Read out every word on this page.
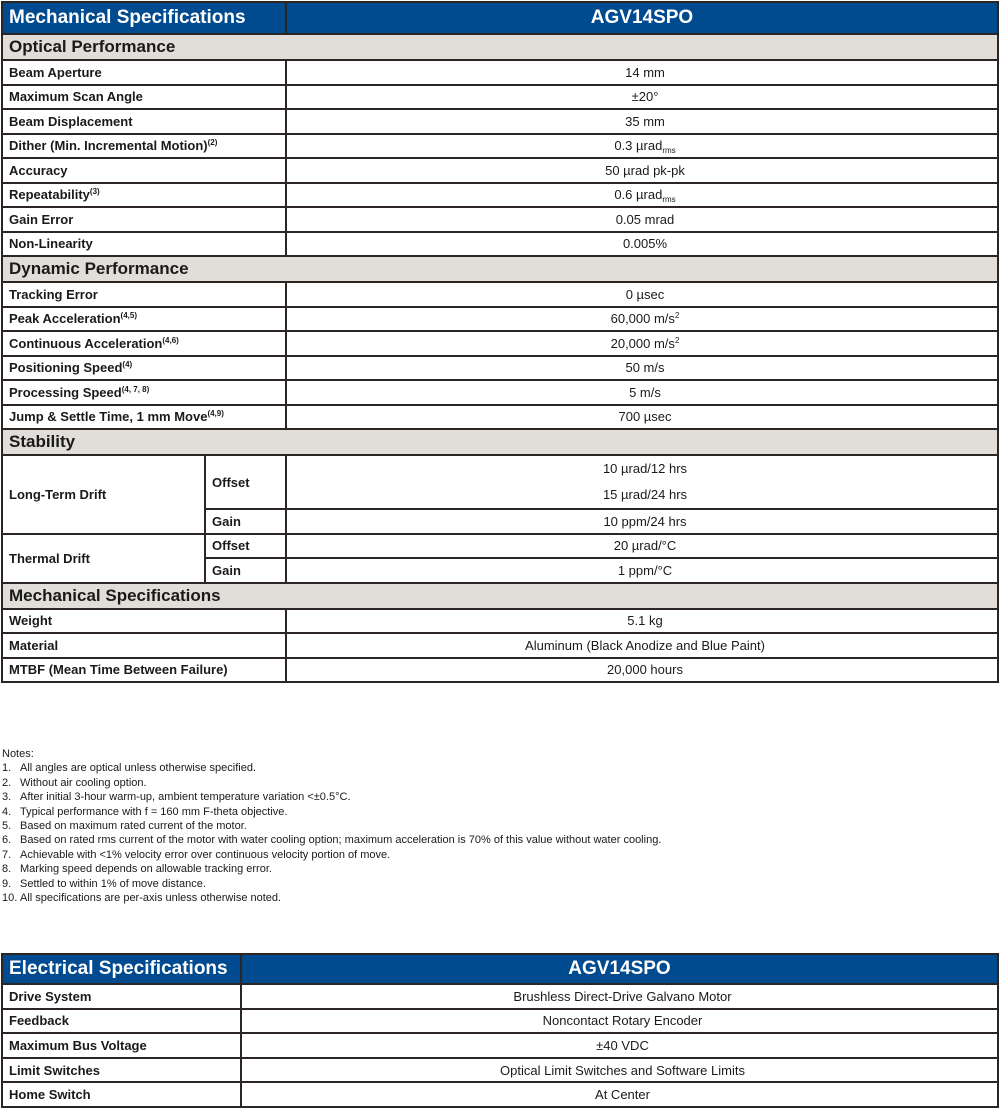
Mechanical Specifications		AGV14SPO
Optical Performance		
Beam Aperture		14 mm
Maximum Scan Angle		±20°
Beam Displacement		35 mm
Dither (Min. Incremental Motion)$^{(2)}$		0.3 µrad$_{rms}$
Accuracy		50 µrad pk-pk
Repeatability$^{(3)}$		0.6 µrad$_{rms}$
Gain Error		0.05 mrad
Non-Linearity		0.005%
Dynamic Performance		
Tracking Error		0 µsec
Peak Acceleration$^{(4,5)}$		60,000 $m/s^2$
Continuous Acceleration$^{(4,6)}$		20,000 $m/s^2$
Positioning Speed$^{(4)}$		50 m/s
Processing Speed$^{(4, 7, 8)}$		5 m/s
Jump & Settle Time, 1 mm Move$^{(4,9)}$		700 µsec
Stability		
Long-Term Drift	Offset	10 µrad/12 hrs
15 µrad/24 hrs

	Gain	10 ppm/24 hrs
Thermal Drift	Offset	20 µrad/°C
	Gain	1 ppm/°C
Mechanical Specifications		
Weight		5.1 kg
Material		Aluminum (Black Anodize and Blue Paint)
MTBF (Mean Time Between Failure)		20,000 hours
Notes:
1. All angles are optical unless otherwise specified.
2. Without air cooling option.
3. After initial 3-hour warm-up, ambient temperature variation <±0.5°C.
4. Typical performance with f = 160 mm F-theta objective.
5. Based on maximum rated current of the motor.
6. Based on rated rms current of the motor with water cooling option; maximum acceleration is 70% of this value without water cooling.
7. Achievable with <1% velocity error over continuous velocity portion of move.
8. Marking speed depends on allowable tracking error.
9. Settled to within 1% of move distance.
10. All specifications are per-axis unless otherwise noted.
Electrical Specifications	AGV14SPO
Drive System	Brushless Direct-Drive Galvano Motor
Feedback	Noncontact Rotary Encoder
Maximum Bus Voltage	±40 VDC
Limit Switches	Optical Limit Switches and Software Limits
Home Switch	At Center
